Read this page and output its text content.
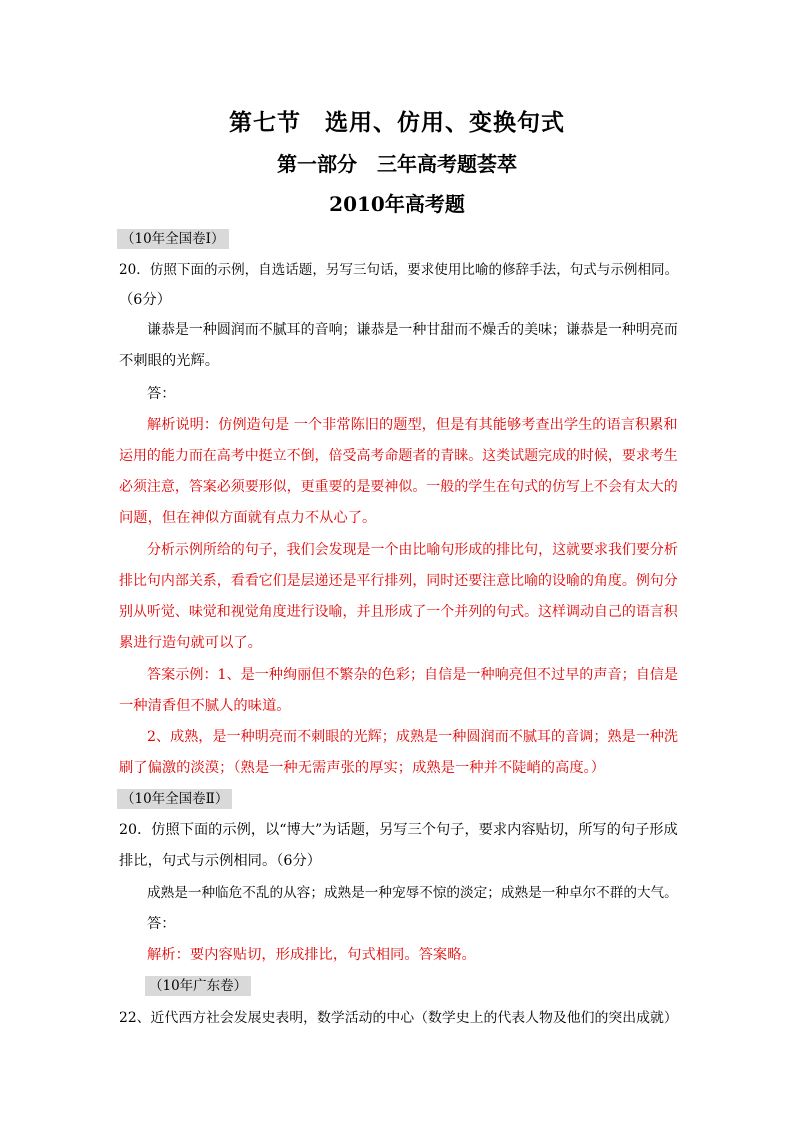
第七节　选用、仿用、变换句式
第一部分　三年高考题荟萃
2010年高考题
（10年全国卷Ⅰ）
20．仿照下面的示例，自选话题，另写三句话，要求使用比喻的修辞手法，句式与示例相同。
（6分）
谦恭是一种圆润而不腻耳的音响；谦恭是一种甘甜而不燥舌的美味；谦恭是一种明亮而
不刺眼的光辉。
答：
解析说明：仿例造句是 一个非常陈旧的题型，但是有其能够考查出学生的语言积累和
运用的能力而在高考中挺立不倒，倍受高考命题者的青睐。这类试题完成的时候，要求考生
必须注意，答案必须要形似，更重要的是要神似。一般的学生在句式的仿写上不会有太大的
问题，但在神似方面就有点力不从心了。
分析示例所给的句子，我们会发现是一个由比喻句形成的排比句，这就要求我们要分析
排比句内部关系，看看它们是层递还是平行排列，同时还要注意比喻的设喻的角度。例句分
别从听觉、味觉和视觉角度进行设喻，并且形成了一个并列的句式。这样调动自己的语言积
累进行造句就可以了。
答案示例：1、是一种绚丽但不繁杂的色彩；自信是一种响亮但不过早的声音；自信是
一种清香但不腻人的味道。
2、成熟，是一种明亮而不刺眼的光辉；成熟是一种圆润而不腻耳的音调；熟是一种洗
刷了偏激的淡漠；（熟是一种无需声张的厚实；成熟是一种并不陡峭的高度。）
（10年全国卷Ⅱ）
20．仿照下面的示例，以“博大”为话题，另写三个句子，要求内容贴切，所写的句子形成
排比，句式与示例相同。（6分）
成熟是一种临危不乱的从容；成熟是一种宠辱不惊的淡定；成熟是一种卓尔不群的大气。
答：
解析：要内容贴切，形成排比，句式相同。答案略。
（10年广东卷）
22、近代西方社会发展史表明，数学活动的中心（数学史上的代表人物及他们的突出成就）
